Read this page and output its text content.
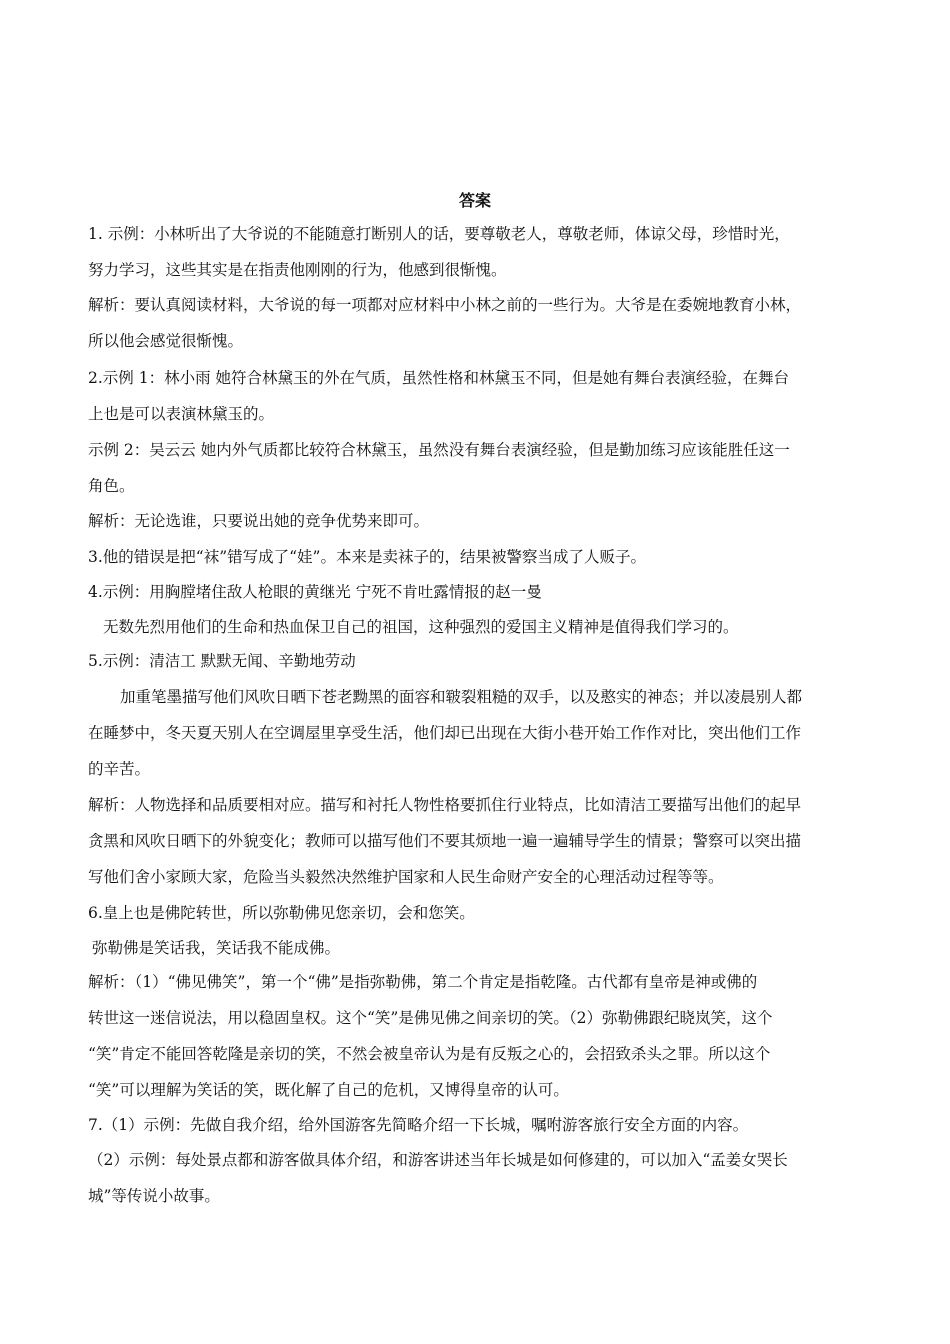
答案
1. 示例：小林听出了大爷说的不能随意打断别人的话，要尊敬老人，尊敬老师，体谅父母，珍惜时光，
努力学习，这些其实是在指责他刚刚的行为，他感到很惭愧。
解析：要认真阅读材料，大爷说的每一项都对应材料中小林之前的一些行为。大爷是在委婉地教育小林，
所以他会感觉很惭愧。
2.示例 1：林小雨 她符合林黛玉的外在气质，虽然性格和林黛玉不同，但是她有舞台表演经验，在舞台
上也是可以表演林黛玉的。
示例 2：吴云云 她内外气质都比较符合林黛玉，虽然没有舞台表演经验，但是勤加练习应该能胜任这一
角色。
解析：无论选谁，只要说出她的竞争优势来即可。
3.他的错误是把“袜”错写成了“娃”。本来是卖袜子的，结果被警察当成了人贩子。
4.示例：用胸膛堵住敌人枪眼的黄继光 宁死不肯吐露情报的赵一曼
无数先烈用他们的生命和热血保卫自己的祖国，这种强烈的爱国主义精神是值得我们学习的。
5.示例：清洁工 默默无闻、辛勤地劳动
加重笔墨描写他们风吹日晒下苍老黝黑的面容和皲裂粗糙的双手，以及憨实的神态；并以凌晨别人都
在睡梦中，冬天夏天别人在空调屋里享受生活，他们却已出现在大街小巷开始工作作对比，突出他们工作
的辛苦。
解析：人物选择和品质要相对应。描写和衬托人物性格要抓住行业特点，比如清洁工要描写出他们的起早
贪黑和风吹日晒下的外貌变化；教师可以描写他们不要其烦地一遍一遍辅导学生的情景；警察可以突出描
写他们舍小家顾大家，危险当头毅然决然维护国家和人民生命财产安全的心理活动过程等等。
6.皇上也是佛陀转世，所以弥勒佛见您亲切，会和您笑。
弥勒佛是笑话我，笑话我不能成佛。
解析：（1）“佛见佛笑”，第一个“佛”是指弥勒佛，第二个肯定是指乾隆。古代都有皇帝是神或佛的
转世这一迷信说法，用以稳固皇权。这个“笑”是佛见佛之间亲切的笑。（2）弥勒佛跟纪晓岚笑，这个
“笑”肯定不能回答乾隆是亲切的笑，不然会被皇帝认为是有反叛之心的，会招致杀头之罪。所以这个
“笑”可以理解为笑话的笑，既化解了自己的危机，又博得皇帝的认可。
7.（1）示例：先做自我介绍，给外国游客先简略介绍一下长城，嘱咐游客旅行安全方面的内容。
（2）示例：每处景点都和游客做具体介绍，和游客讲述当年长城是如何修建的，可以加入“孟姜女哭长
城”等传说小故事。
